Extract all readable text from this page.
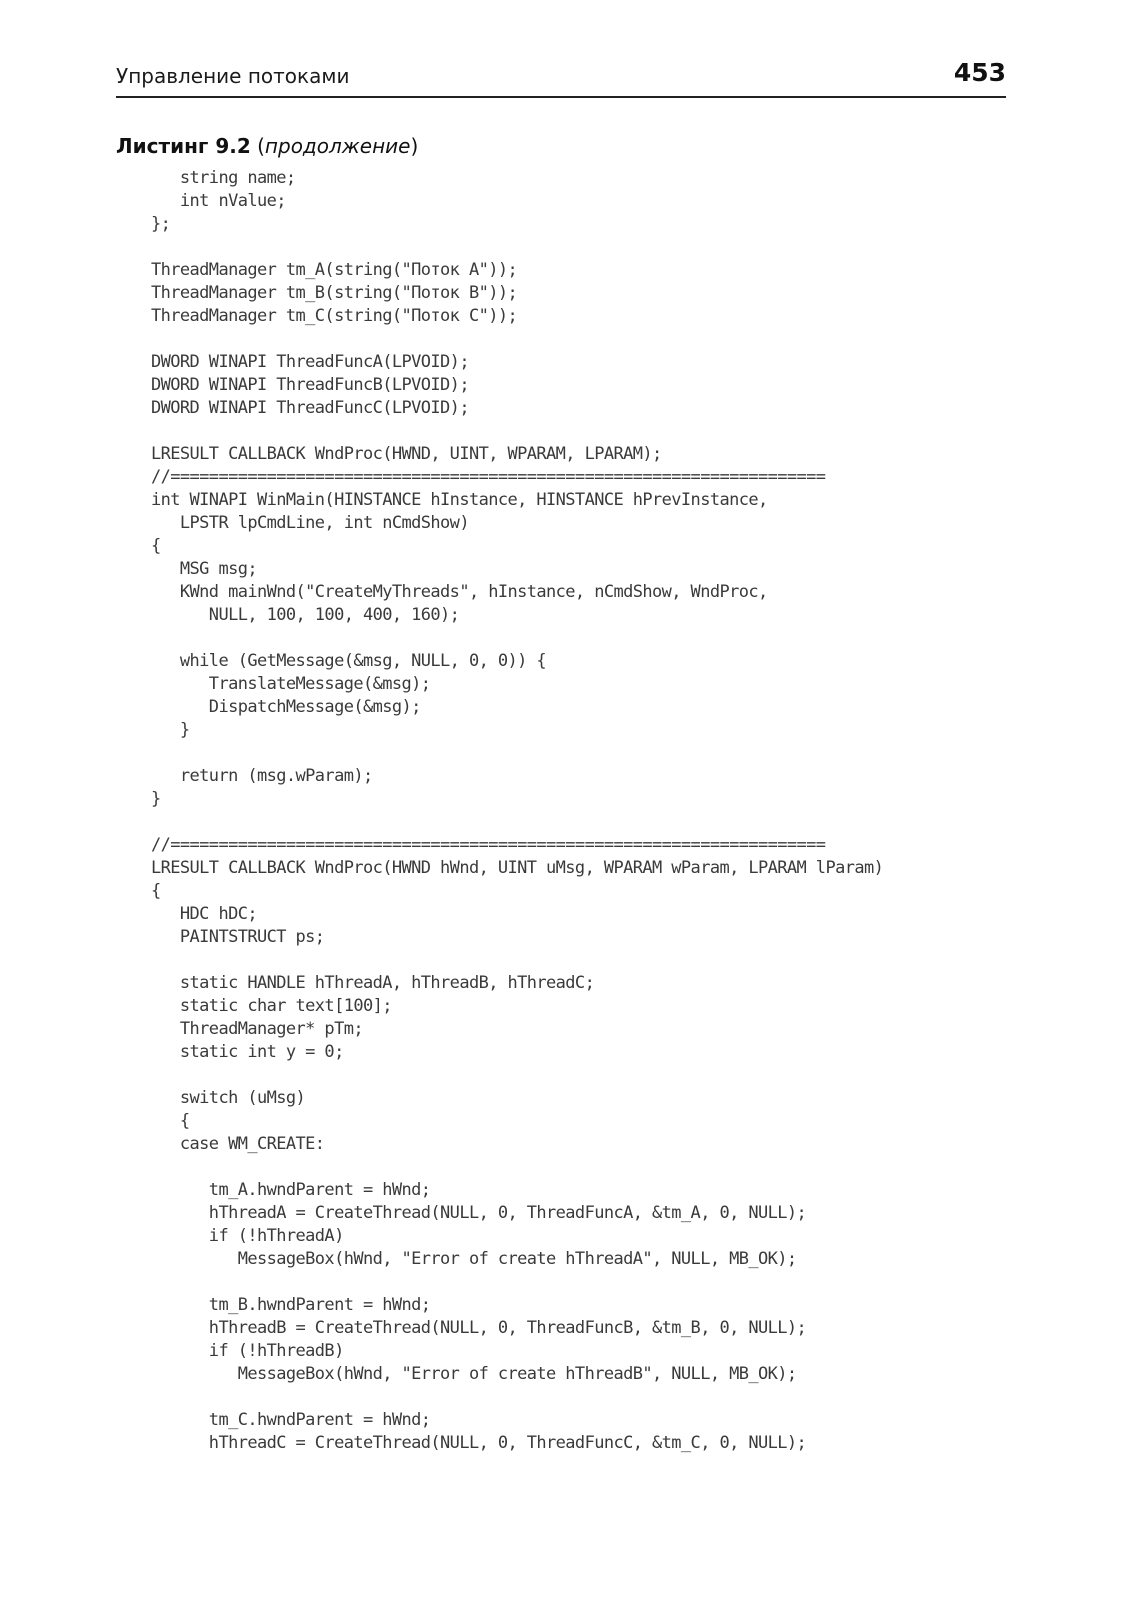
Управление потоками	453
Листинг 9.2 (продолжение)
string name;
int nValue;
};
ThreadManager tm_A(string("Поток A"));
ThreadManager tm_B(string("Поток B"));
ThreadManager tm_C(string("Поток C"));
DWORD WINAPI ThreadFuncA(LPVOID);
DWORD WINAPI ThreadFuncB(LPVOID);
DWORD WINAPI ThreadFuncC(LPVOID);
LRESULT CALLBACK WndProc(HWND, UINT, WPARAM, LPARAM);
//====================================================================
int WINAPI WinMain(HINSTANCE hInstance, HINSTANCE hPrevInstance,
LPSTR lpCmdLine, int nCmdShow)
{
MSG msg;
KWnd mainWnd("CreateMyThreads", hInstance, nCmdShow, WndProc,
NULL, 100, 100, 400, 160);
while (GetMessage(&msg, NULL, 0, 0)) {
TranslateMessage(&msg);
DispatchMessage(&msg);
}
return (msg.wParam);
}
//====================================================================
LRESULT CALLBACK WndProc(HWND hWnd, UINT uMsg, WPARAM wParam, LPARAM lParam)
{
HDC hDC;
PAINTSTRUCT ps;
static HANDLE hThreadA, hThreadB, hThreadC;
static char text[100];
ThreadManager* pTm;
static int y = 0;
switch (uMsg)
{
case WM_CREATE:
tm_A.hwndParent = hWnd;
hThreadA = CreateThread(NULL, 0, ThreadFuncA, &tm_A, 0, NULL);
if (!hThreadA)
MessageBox(hWnd, "Error of create hThreadA", NULL, MB_OK);
tm_B.hwndParent = hWnd;
hThreadB = CreateThread(NULL, 0, ThreadFuncB, &tm_B, 0, NULL);
if (!hThreadB)
MessageBox(hWnd, "Error of create hThreadB", NULL, MB_OK);
tm_C.hwndParent = hWnd;
hThreadC = CreateThread(NULL, 0, ThreadFuncC, &tm_C, 0, NULL);
